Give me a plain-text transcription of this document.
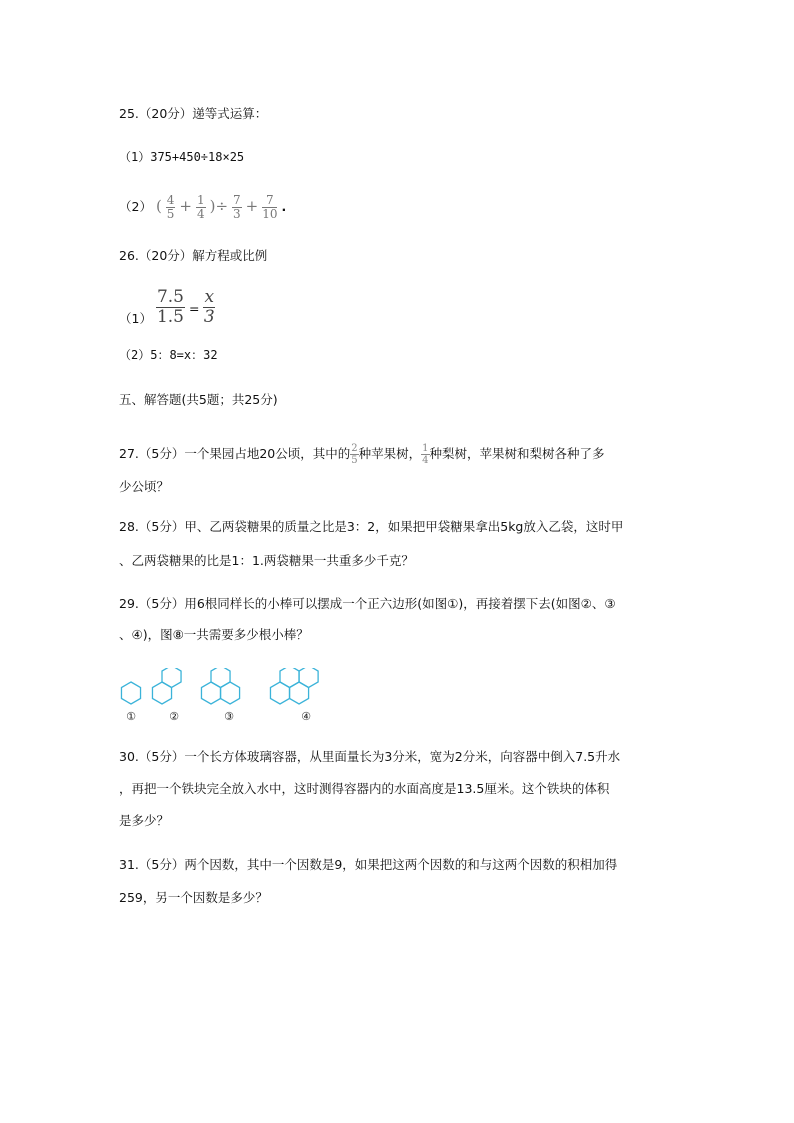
25.（20分）递等式运算：
（1）375+450÷18×25
（2） ( $\frac{4}{5} + \frac{1}{4}$ )÷ $\frac{7}{3} + \frac{7}{10}$ .
26.（20分）解方程或比例
$(1) \frac{7.5}{1.5} = \frac{x}{3}$
（2）5：8=x：32
五、解答题(共5题；共25分)
27.（5分）一个果园占地20公顷，其中的 $\frac{2}{5}$ 种苹果树， $\frac{1}{4}$ 种梨树，苹果树和梨树各种了多
少公顷？
28.（5分）甲、乙两袋糖果的质量之比是3：2，如果把甲袋糖果拿出5kg放入乙袋，这时甲
、乙两袋糖果的比是1：1.两袋糖果一共重多少千克？
29.（5分）用6根同样长的小棒可以摆成一个正六边形(如图①)，再接着摆下去(如图②、③
、④)，图⑧一共需要多少根小棒？
①	②	③	④
30.（5分）一个长方体玻璃容器，从里面量长为3分米，宽为2分米，向容器中倒入7.5升水
，再把一个铁块完全放入水中，这时测得容器内的水面高度是13.5厘米。这个铁块的体积
是多少？
31.（5分）两个因数，其中一个因数是9，如果把这两个因数的和与这两个因数的积相加得
259，另一个因数是多少？
